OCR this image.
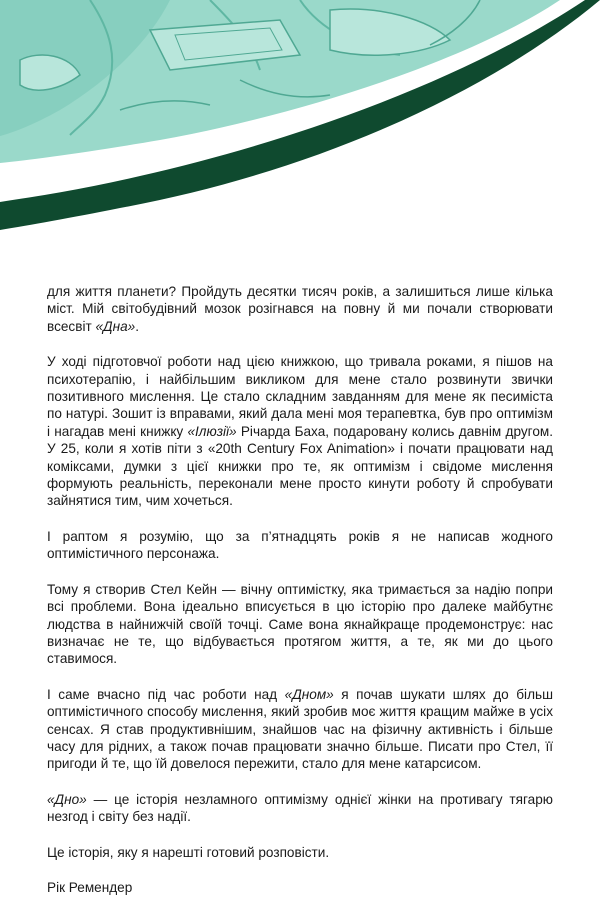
для життя планети? Пройдуть десятки тисяч років, а залишиться лише кілька міст. Мій світобудівний мозок розігнався на повну й ми почали створювати всесвіт «Дна».

У ході підготовчої роботи над цією книжкою, що тривала роками, я пішов на психотерапію, і найбільшим викликом для мене стало розвинути звички позитивного мислення. Це стало складним завданням для мене як песиміста по натурі. Зошит із вправами, який дала мені моя терапевтка, був про оптимізм і нагадав мені книжку «Ілюзії» Річарда Баха, подаровану колись давнім другом. У 25, коли я хотів піти з «20th Century Fox Animation» і почати працювати над коміксами, думки з цієї книжки про те, як оптимізм і свідоме мислення формують реальність, переконали мене просто кинути роботу й спробувати зайнятися тим, чим хочеться.

І раптом я розумію, що за п’ятнадцять років я не написав жодного оптимістичного персонажа.

Тому я створив Стел Кейн — вічну оптимістку, яка тримається за надію попри всі проблеми. Вона ідеально вписується в цю історію про далеке майбутнє людства в найнижчій своїй точці. Саме вона якнайкраще продемонструє: нас визначає не те, що відбувається протягом життя, а те, як ми до цього ставимося.

І саме вчасно під час роботи над «Дном» я почав шукати шлях до більш оптимістичного способу мислення, який зробив моє життя кращим майже в усіх сенсах. Я став продуктивнішим, знайшов час на фізичну активність і більше часу для рідних, а також почав працювати значно більше. Писати про Стел, її пригоди й те, що їй довелося пережити, стало для мене катарсисом.

«Дно» — це історія незламного оптимізму однієї жінки на противагу тягарю незгод і світу без надії.

Це історія, яку я нарешті готовий розповісти.

Рік Ремендер
